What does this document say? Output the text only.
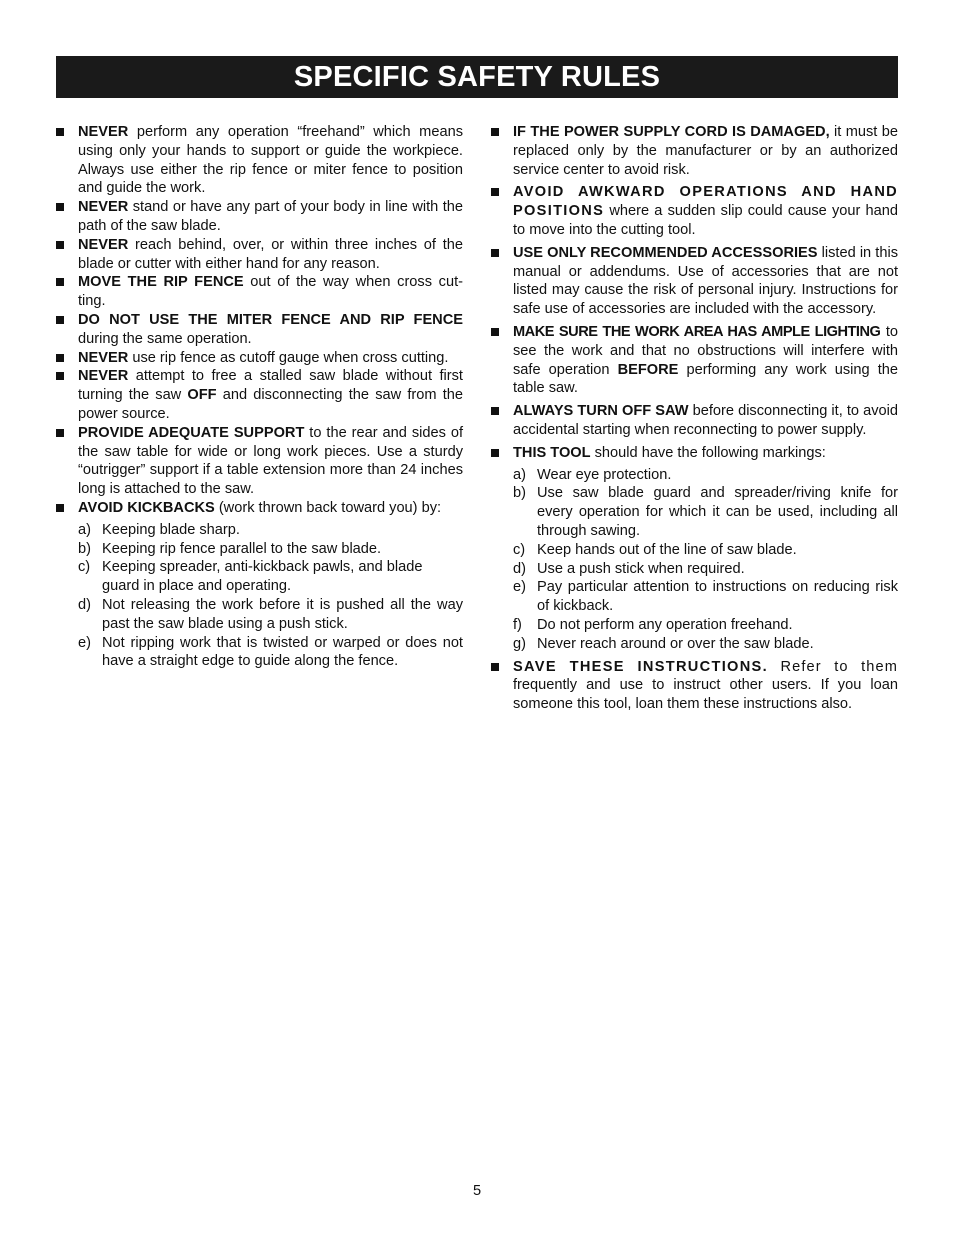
SPECIFIC SAFETY RULES
NEVER perform any operation “freehand” which means using only your hands to support or guide the workpiece. Always use either the rip fence or miter fence to position and guide the work.
NEVER stand or have any part of your body in line with the path of the saw blade.
NEVER reach behind, over, or within three inches of the blade or cutter with either hand for any reason.
MOVE THE RIP FENCE out of the way when cross cut-ting.
DO NOT USE THE MITER FENCE AND RIP FENCE during the same operation.
NEVER use rip fence as cutoff gauge when cross cutting.
NEVER attempt to free a stalled saw blade without first turning the saw OFF and disconnecting the saw from the power source.
PROVIDE ADEQUATE SUPPORT to the rear and sides of the saw table for wide or long work pieces. Use a sturdy “outrigger” support if a table extension more than 24 inches long is attached to the saw.
AVOID KICKBACKS (work thrown back toward you) by:
a) Keeping blade sharp.
b) Keeping rip fence parallel to the saw blade.
c) Keeping spreader, anti-kickback pawls, and blade guard in place and operating.
d) Not releasing the work before it is pushed all the way past the saw blade using a push stick.
e) Not ripping work that is twisted or warped or does not have a straight edge to guide along the fence.
IF THE POWER SUPPLY CORD IS DAMAGED, it must be replaced only by the manufacturer or by an authorized service center to avoid risk.
AVOID AWKWARD OPERATIONS AND HAND POSITIONS where a sudden slip could cause your hand to move into the cutting tool.
USE ONLY RECOMMENDED ACCESSORIES listed in this manual or addendums. Use of accessories that are not listed may cause the risk of personal injury. Instructions for safe use of accessories are included with the accessory.
MAKE SURE THE WORK AREA HAS AMPLE LIGHTING to see the work and that no obstructions will interfere with safe operation BEFORE performing any work using the table saw.
ALWAYS TURN OFF SAW before disconnecting it, to avoid accidental starting when reconnecting to power supply.
THIS TOOL should have the following markings:
a) Wear eye protection.
b) Use saw blade guard and spreader/riving knife for every operation for which it can be used, including all through sawing.
c) Keep hands out of the line of saw blade.
d) Use a push stick when required.
e) Pay particular attention to instructions on reducing risk of kickback.
f) Do not perform any operation freehand.
g) Never reach around or over the saw blade.
SAVE THESE INSTRUCTIONS. Refer to them frequently and use to instruct other users. If you loan someone this tool, loan them these instructions also.
5
